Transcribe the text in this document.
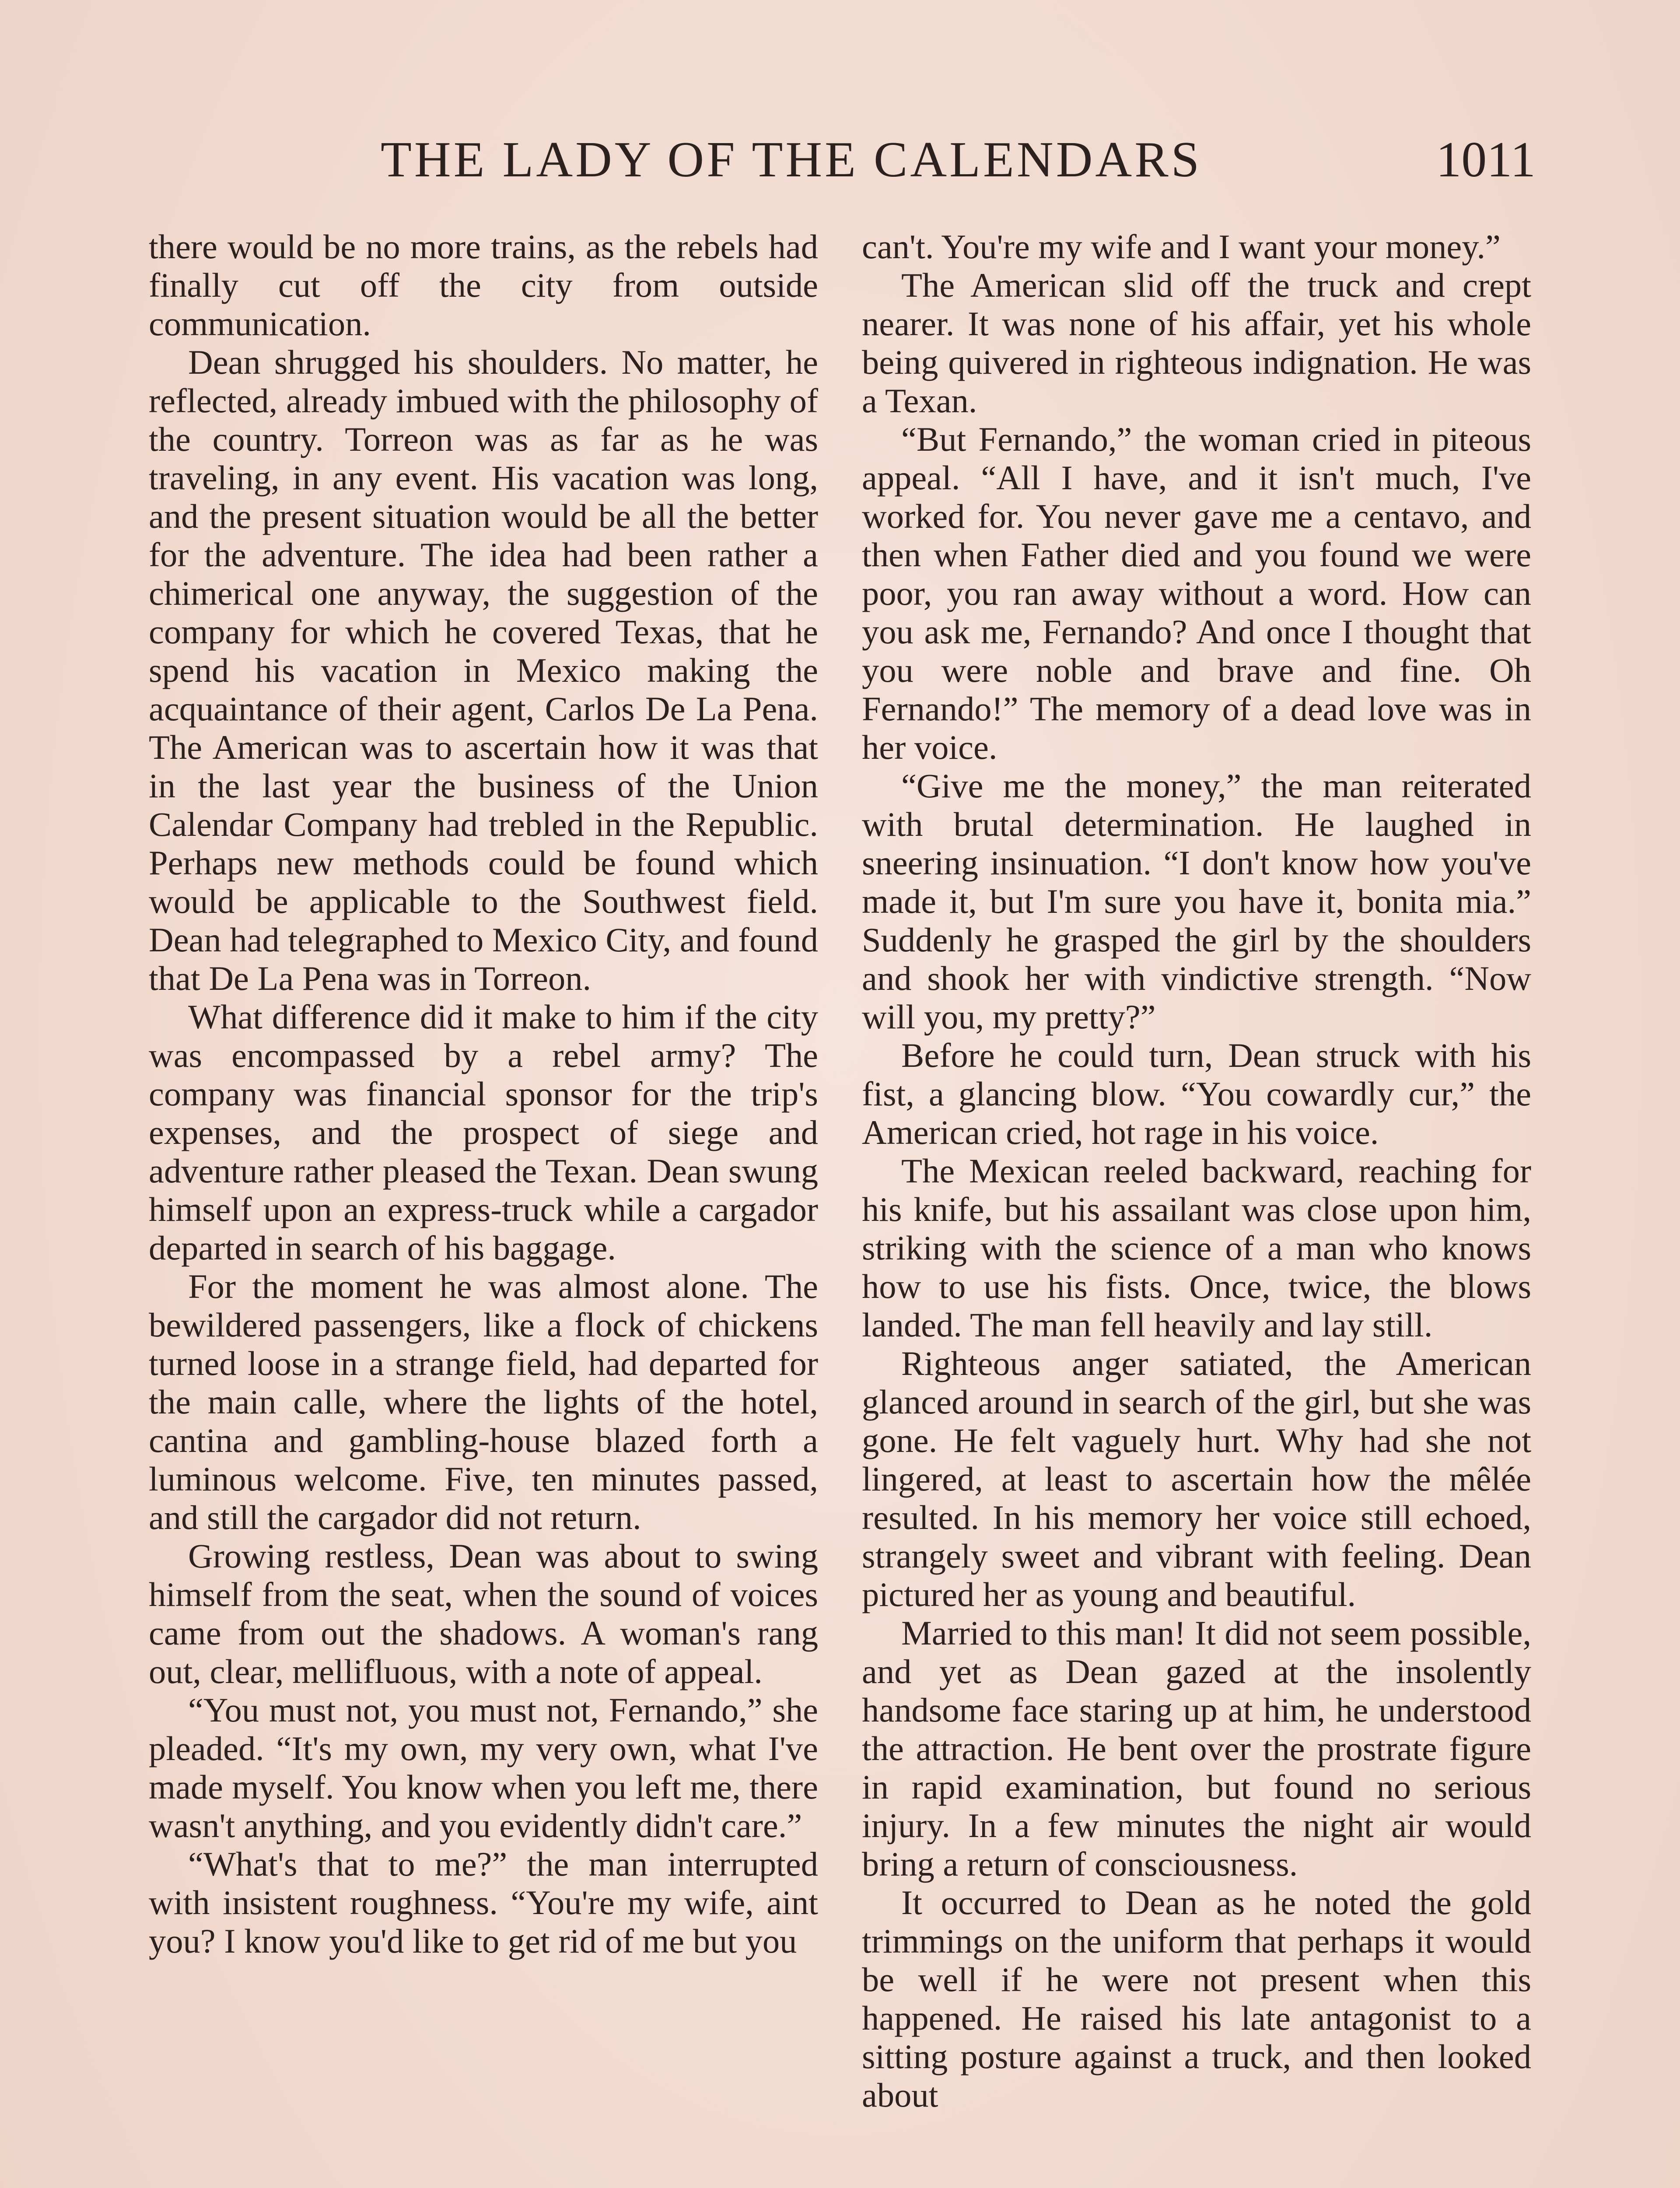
THE LADY OF THE CALENDARS	1011

there would be no more trains, as the rebels had finally cut off the city from outside communication.

Dean shrugged his shoulders. No matter, he reflected, already imbued with the philosophy of the country. Torreon was as far as he was traveling, in any event. His vacation was long, and the present situation would be all the better for the adventure. The idea had been rather a chimerical one anyway, the suggestion of the company for which he covered Texas, that he spend his vacation in Mexico making the acquaintance of their agent, Carlos De La Pena. The American was to ascertain how it was that in the last year the business of the Union Calendar Company had trebled in the Republic. Perhaps new methods could be found which would be applicable to the Southwest field. Dean had telegraphed to Mexico City, and found that De La Pena was in Torreon.

What difference did it make to him if the city was encompassed by a rebel army? The company was financial sponsor for the trip's expenses, and the prospect of siege and adventure rather pleased the Texan. Dean swung himself upon an express-truck while a cargador departed in search of his baggage.

For the moment he was almost alone. The bewildered passengers, like a flock of chickens turned loose in a strange field, had departed for the main calle, where the lights of the hotel, cantina and gambling-house blazed forth a luminous welcome. Five, ten minutes passed, and still the cargador did not return.

Growing restless, Dean was about to swing himself from the seat, when the sound of voices came from out the shadows. A woman's rang out, clear, mellifluous, with a note of appeal.

“You must not, you must not, Fernando,” she pleaded. “It's my own, my very own, what I've made myself. You know when you left me, there wasn't anything, and you evidently didn't care.”

“What's that to me?” the man interrupted with insistent roughness. “You're my wife, aint you? I know you'd like to get rid of me but you

can't. You're my wife and I want your money.”

The American slid off the truck and crept nearer. It was none of his affair, yet his whole being quivered in righteous indignation. He was a Texan.

“But Fernando,” the woman cried in piteous appeal. “All I have, and it isn't much, I've worked for. You never gave me a centavo, and then when Father died and you found we were poor, you ran away without a word. How can you ask me, Fernando? And once I thought that you were noble and brave and fine. Oh Fernando!” The memory of a dead love was in her voice.

“Give me the money,” the man reiterated with brutal determination. He laughed in sneering insinuation. “I don't know how you've made it, but I'm sure you have it, bonita mia.” Suddenly he grasped the girl by the shoulders and shook her with vindictive strength. “Now will you, my pretty?”

Before he could turn, Dean struck with his fist, a glancing blow. “You cowardly cur,” the American cried, hot rage in his voice.

The Mexican reeled backward, reaching for his knife, but his assailant was close upon him, striking with the science of a man who knows how to use his fists. Once, twice, the blows landed. The man fell heavily and lay still.

Righteous anger satiated, the American glanced around in search of the girl, but she was gone. He felt vaguely hurt. Why had she not lingered, at least to ascertain how the mêlée resulted. In his memory her voice still echoed, strangely sweet and vibrant with feeling. Dean pictured her as young and beautiful.

Married to this man! It did not seem possible, and yet as Dean gazed at the insolently handsome face staring up at him, he understood the attraction. He bent over the prostrate figure in rapid examination, but found no serious injury. In a few minutes the night air would bring a return of consciousness.

It occurred to Dean as he noted the gold trimmings on the uniform that perhaps it would be well if he were not present when this happened. He raised his late antagonist to a sitting posture against a truck, and then looked about
